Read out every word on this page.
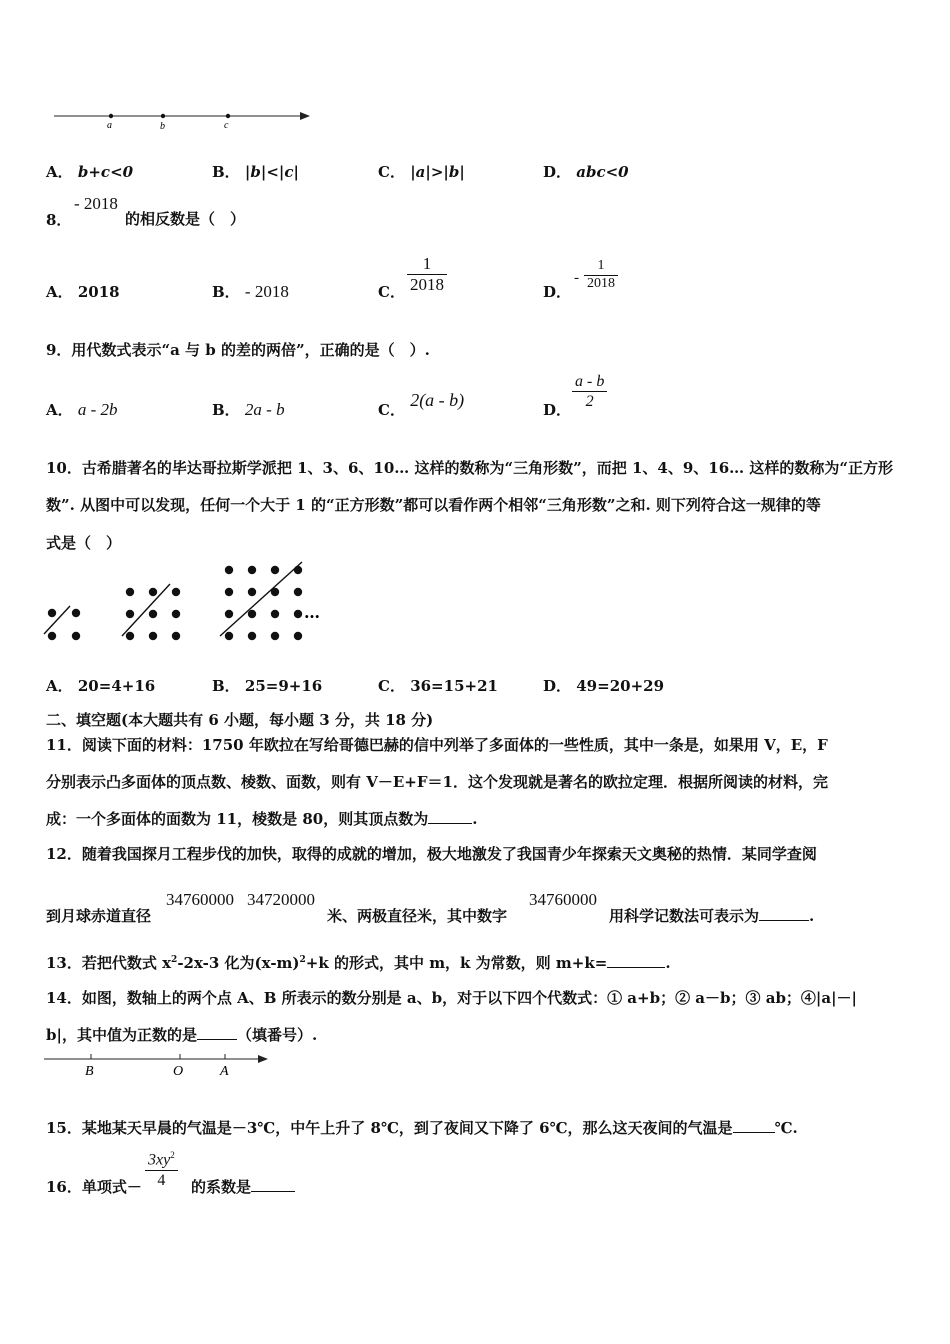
a	b	c
A． b+c<0	B． |b|<|c|	C． |a|>|b|	D． abc<0
8．
- 2018
的相反数是（　）
A． 2018	B． - 2018	C． $\frac{1}{2018}$	D．
- $\frac{1}{2018}$
9．用代数式表示“a 与 b 的差的两倍”，正确的是（　）.
A． a - 2b	B． 2a - b	C． 2(a - b)	D． $\frac{a - b}{2}$
10．古希腊著名的毕达哥拉斯学派把 1、3、6、10… 这样的数称为“三角形数”，而把 1、4、9、16… 这样的数称为“正方形
数”. 从图中可以发现，任何一个大于 1 的“正方形数”都可以看作两个相邻“三角形数”之和. 则下列符合这一规律的等
式是（　）
…
A． 20=4+16	B． 25=9+16	C． 36=15+21	D． 49=20+29
二、填空题(本大题共有 6 小题，每小题 3 分，共 18 分)
11．阅读下面的材料：1750 年欧拉在写给哥德巴赫的信中列举了多面体的一些性质，其中一条是，如果用 V，E，F
分别表示凸多面体的顶点数、棱数、面数，则有 V－E+F＝1．这个发现就是著名的欧拉定理．根据所阅读的材料，完
成：一个多面体的面数为 11，棱数是 80，则其顶点数为	.
12．随着我国探月工程步伐的加快，取得的成就的增加，极大地激发了我国青少年探索天文奥秘的热情．某同学查阅
到月球赤道直径
34760000 34720000
米、两极直径米，其中数字
34760000
用科学记数法可表示为	.
13．若把代数式 $x^2-2x-3$ 化为$(x-m)^2+k$ 的形式，其中 m，k 为常数，则 m+k=	.
14．如图，数轴上的两个点 A、B 所表示的数分别是 a、b，对于以下四个代数式：① a+b；② a－b；③ ab；④|a|－|
b|，其中值为正数的是	（填番号）.
B	O	A
15．某地某天早晨的气温是－3℃，中午上升了 8℃，到了夜间又下降了 6℃，那么这天夜间的气温是	℃.
16．单项式－ $\frac{3xy^2}{4}$ 的系数是
